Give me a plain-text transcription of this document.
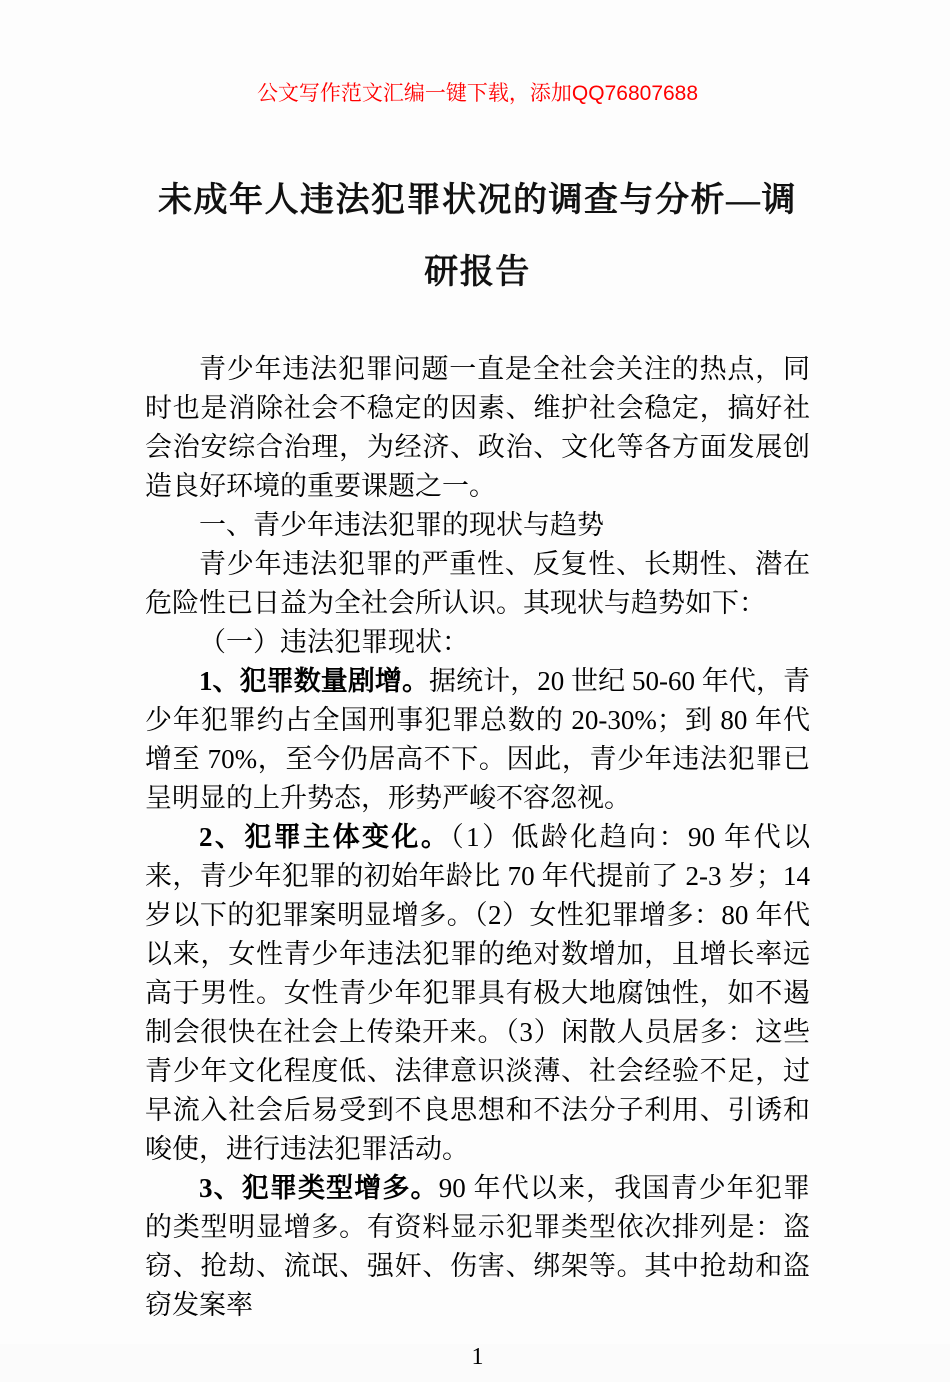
公文写作范文汇编一键下载，添加QQ76807688

未成年人违法犯罪状况的调查与分析—调研报告

青少年违法犯罪问题一直是全社会关注的热点，同时也是消除社会不稳定的因素、维护社会稳定，搞好社会治安综合治理，为经济、政治、文化等各方面发展创造良好环境的重要课题之一。

一、青少年违法犯罪的现状与趋势

青少年违法犯罪的严重性、反复性、长期性、潜在危险性已日益为全社会所认识。其现状与趋势如下：

（一）违法犯罪现状：

1、犯罪数量剧增。据统计，20 世纪 50-60 年代，青少年犯罪约占全国刑事犯罪总数的 20-30%；到 80 年代增至 70%，至今仍居高不下。因此，青少年违法犯罪已呈明显的上升势态，形势严峻不容忽视。

2、犯罪主体变化。（1）低龄化趋向：90 年代以来，青少年犯罪的初始年龄比 70 年代提前了 2-3 岁；14 岁以下的犯罪案明显增多。（2）女性犯罪增多：80 年代以来，女性青少年违法犯罪的绝对数增加，且增长率远高于男性。女性青少年犯罪具有极大地腐蚀性，如不遏制会很快在社会上传染开来。（3）闲散人员居多：这些青少年文化程度低、法律意识淡薄、社会经验不足，过早流入社会后易受到不良思想和不法分子利用、引诱和唆使，进行违法犯罪活动。

3、犯罪类型增多。90 年代以来，我国青少年犯罪的类型明显增多。有资料显示犯罪类型依次排列是：盗窃、抢劫、流氓、强奸、伤害、绑架等。其中抢劫和盗窃发案率

1
